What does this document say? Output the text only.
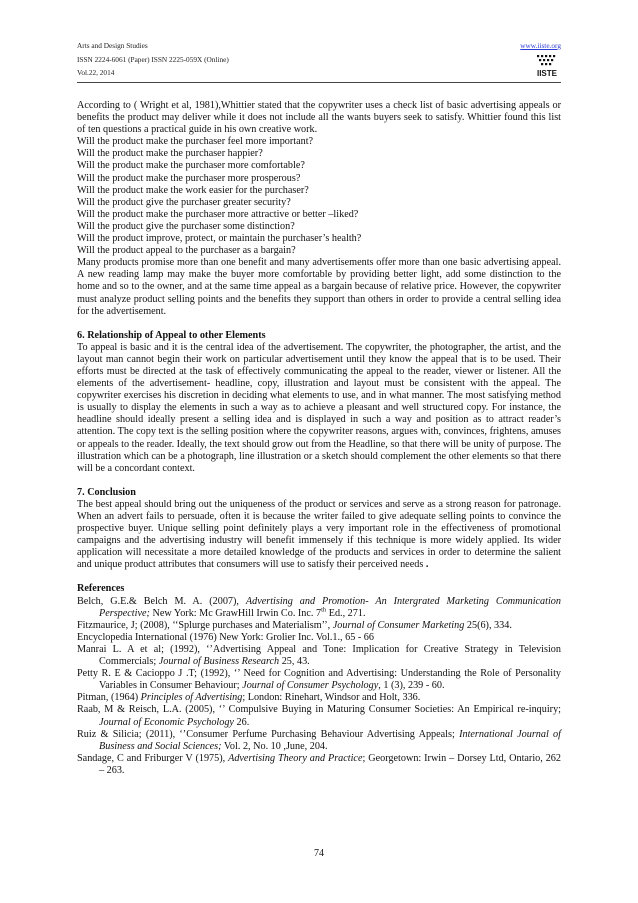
Arts and Design Studies
ISSN 2224-6061 (Paper) ISSN 2225-059X (Online)
Vol.22, 2014
www.iiste.org
IISTE

According to ( Wright et al, 1981),Whittier stated that the copywriter uses a check list of basic advertising appeals or benefits the product may deliver while it does not include all the wants buyers seek to satisfy. Whittier found this list of ten questions a practical guide in his own creative work.

Will the product make the purchaser feel more important?
Will the product make the purchaser happier?
Will the product make the purchaser more comfortable?
Will the product make the purchaser more prosperous?
Will the product make the work easier for the purchaser?
Will the product give the purchaser greater security?
Will the product make the purchaser more attractive or better –liked?
Will the product give the purchaser some distinction?
Will the product improve, protect, or maintain the purchaser’s health?
Will the product appeal to the purchaser as a bargain?

Many products promise more than one benefit and many advertisements offer more than one basic advertising appeal. A new reading lamp may make the buyer more comfortable by providing better light, add some distinction to the home and so to the owner, and at the same time appeal as a bargain because of relative price. However, the copywriter must analyze product selling points and the benefits they support than others in order to provide a central selling idea for the advertisement.

6. Relationship of Appeal to other Elements

To appeal is basic and it is the central idea of the advertisement. The copywriter, the photographer, the artist, and the layout man cannot begin their work on particular advertisement until they know the appeal that is to be used. Their efforts must be directed at the task of effectively communicating the appeal to the reader, viewer or listener. All the elements of the advertisement- headline, copy, illustration and layout must be consistent with the appeal. The copywriter exercises his discretion in deciding what elements to use, and in what manner. The most satisfying method is usually to display the elements in such a way as to achieve a pleasant and well structured copy. For instance, the headline should ideally present a selling idea and is displayed in such a way and position as to attract reader’s attention. The copy text is the selling position where the copywriter reasons, argues with, convinces, frightens, amuses or appeals to the reader. Ideally, the text should grow out from the Headline, so that there will be unity of purpose. The illustration which can be a photograph, line illustration or a sketch should complement the other elements so that there will be a concordant context.

7. Conclusion

The best appeal should bring out the uniqueness of the product or services and serve as a strong reason for patronage. When an advert fails to persuade, often it is because the writer failed to give adequate selling points to convince the prospective buyer. Unique selling point definitely plays a very important role in the effectiveness of promotional campaigns and the advertising industry will benefit immensely if this technique is more widely applied. Its wider application will necessitate a more detailed knowledge of the products and services in order to determine the salient and unique product attributes that consumers will use to satisfy their perceived needs .

References

Belch, G.E.& Belch M. A. (2007), Advertising and Promotion- An Intergrated Marketing Communication Perspective; New York: Mc GrawHill Irwin Co. Inc. 7th Ed., 271.

Fitzmaurice, J; (2008), ‘‘Splurge purchases and Materialism’’, Journal of Consumer Marketing 25(6), 334.

Encyclopedia International (1976) New York: Grolier Inc. Vol.1., 65 - 66

Manrai L. A et al; (1992), ‘’Advertising Appeal and Tone: Implication for Creative Strategy in Television Commercials; Journal of Business Research 25, 43.

Petty R. E & Cacioppo J .T; (1992), ‘’ Need for Cognition and Advertising: Understanding the Role of Personality Variables in Consumer Behaviour; Journal of Consumer Psychology, 1 (3), 239 - 60.

Pitman, (1964) Principles of Advertising; London: Rinehart, Windsor and Holt, 336.

Raab, M & Reisch, L.A. (2005), ‘’ Compulsive Buying in Maturing Consumer Societies: An Empirical re-inquiry; Journal of Economic Psychology 26.

Ruiz & Silicia; (2011), ‘’Consumer Perfume Purchasing Behaviour Advertising Appeals; International Journal of Business and Social Sciences; Vol. 2, No. 10 ,June, 204.

Sandage, C and Friburger V (1975), Advertising Theory and Practice; Georgetown: Irwin – Dorsey Ltd, Ontario, 262 – 263.

74
